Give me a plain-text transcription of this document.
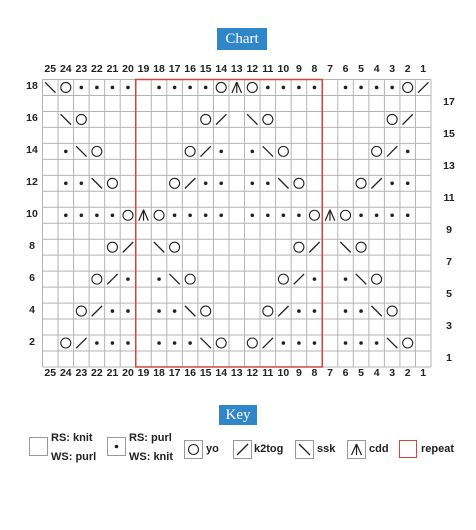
Chart
Key
RS: knit
WS: purl
RS: purl
WS: knit
yo	k2tog	ssk	cdd	repeat
25
25
24
24
23
23
22
22
21
21
20
20
19
19
18
18
17
17
16
16
15
15
14
14
13
13
12
12
11
11
10
10
9
9
8
8
7
7
6
6
5
5
4
4
3
3
2
2
1
1
18
16
14
12
10
8
6
4
2
17
15
13
11
9
7
5
3
1
